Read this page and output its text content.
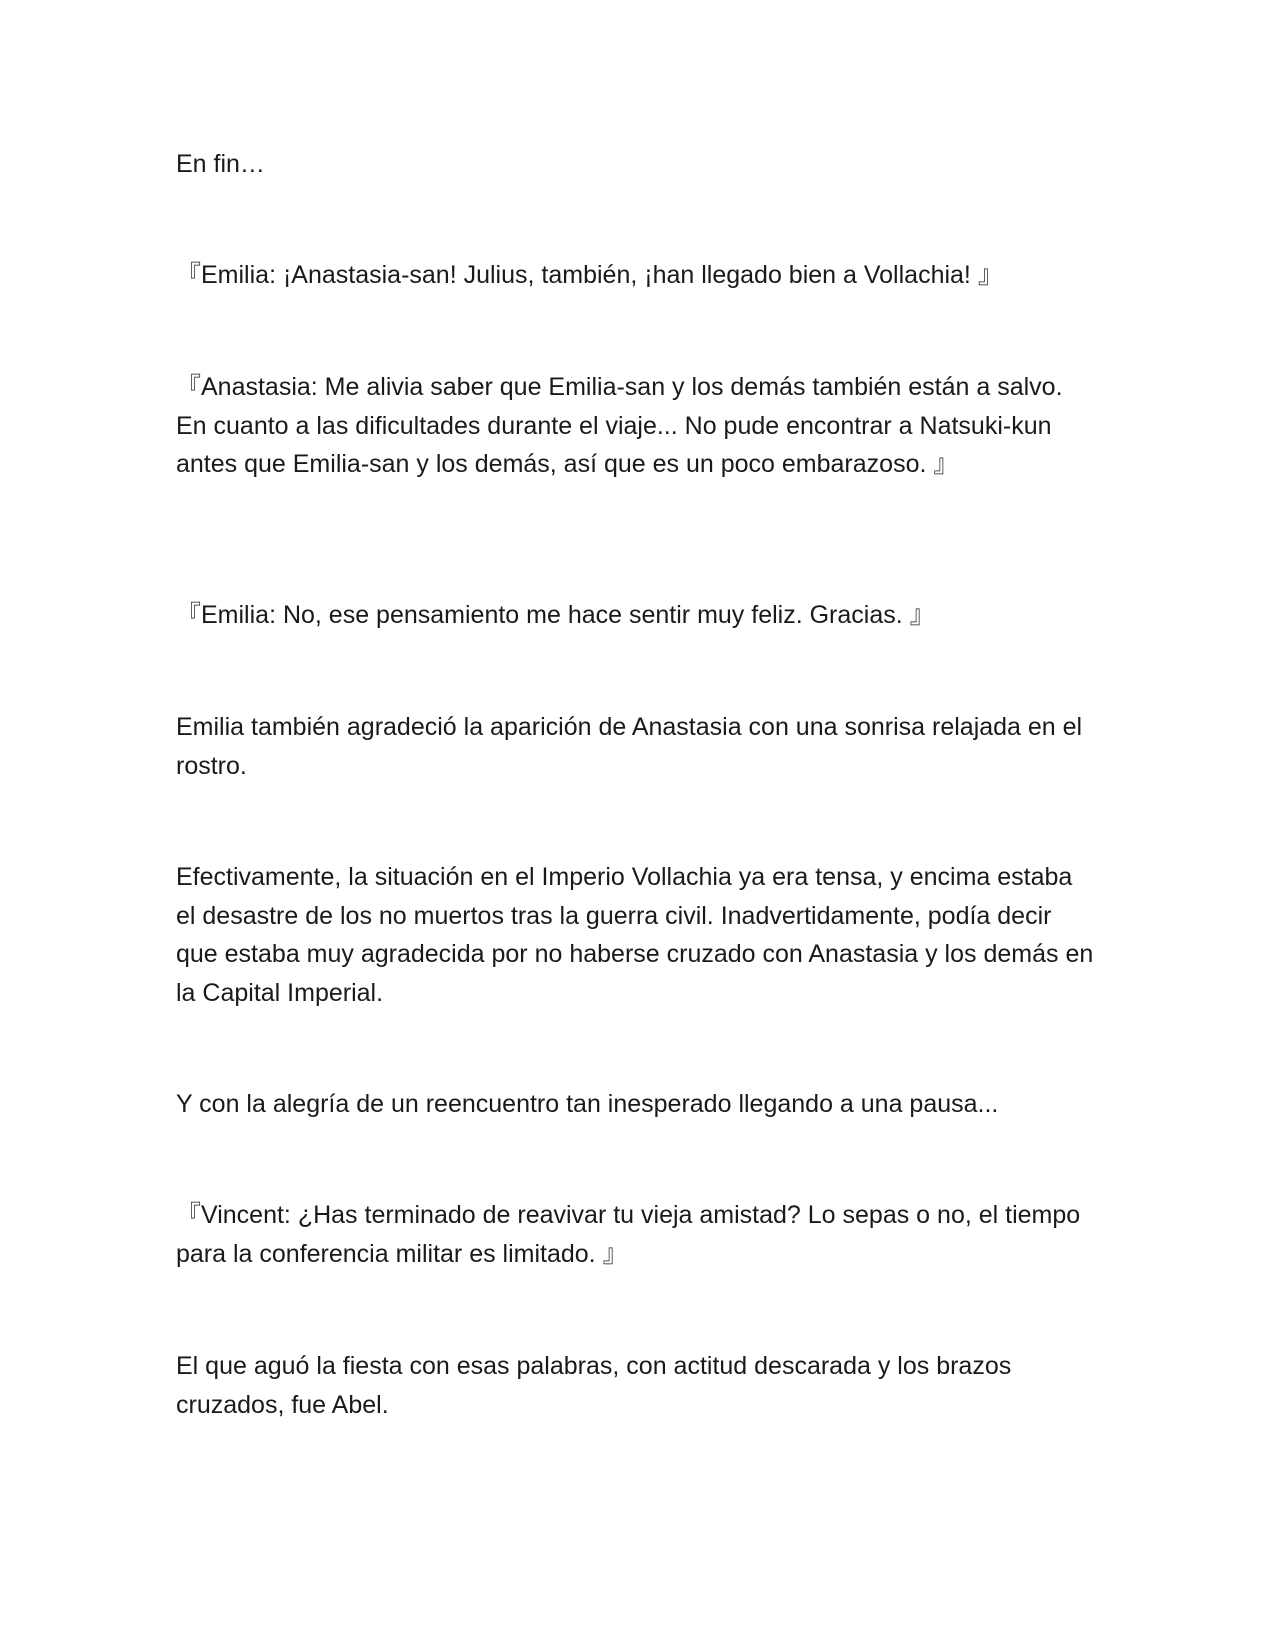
En fin…

『Emilia: ¡Anastasia-san! Julius, también, ¡han llegado bien a Vollachia! 』

『Anastasia: Me alivia saber que Emilia-san y los demás también están a salvo. En cuanto a las dificultades durante el viaje... No pude encontrar a Natsuki-kun antes que Emilia-san y los demás, así que es un poco embarazoso. 』

『Emilia: No, ese pensamiento me hace sentir muy feliz. Gracias. 』

Emilia también agradeció la aparición de Anastasia con una sonrisa relajada en el rostro.

Efectivamente, la situación en el Imperio Vollachia ya era tensa, y encima estaba el desastre de los no muertos tras la guerra civil. Inadvertidamente, podía decir que estaba muy agradecida por no haberse cruzado con Anastasia y los demás en la Capital Imperial.

Y con la alegría de un reencuentro tan inesperado llegando a una pausa...

『Vincent: ¿Has terminado de reavivar tu vieja amistad? Lo sepas o no, el tiempo para la conferencia militar es limitado. 』

El que aguó la fiesta con esas palabras, con actitud descarada y los brazos cruzados, fue Abel.
